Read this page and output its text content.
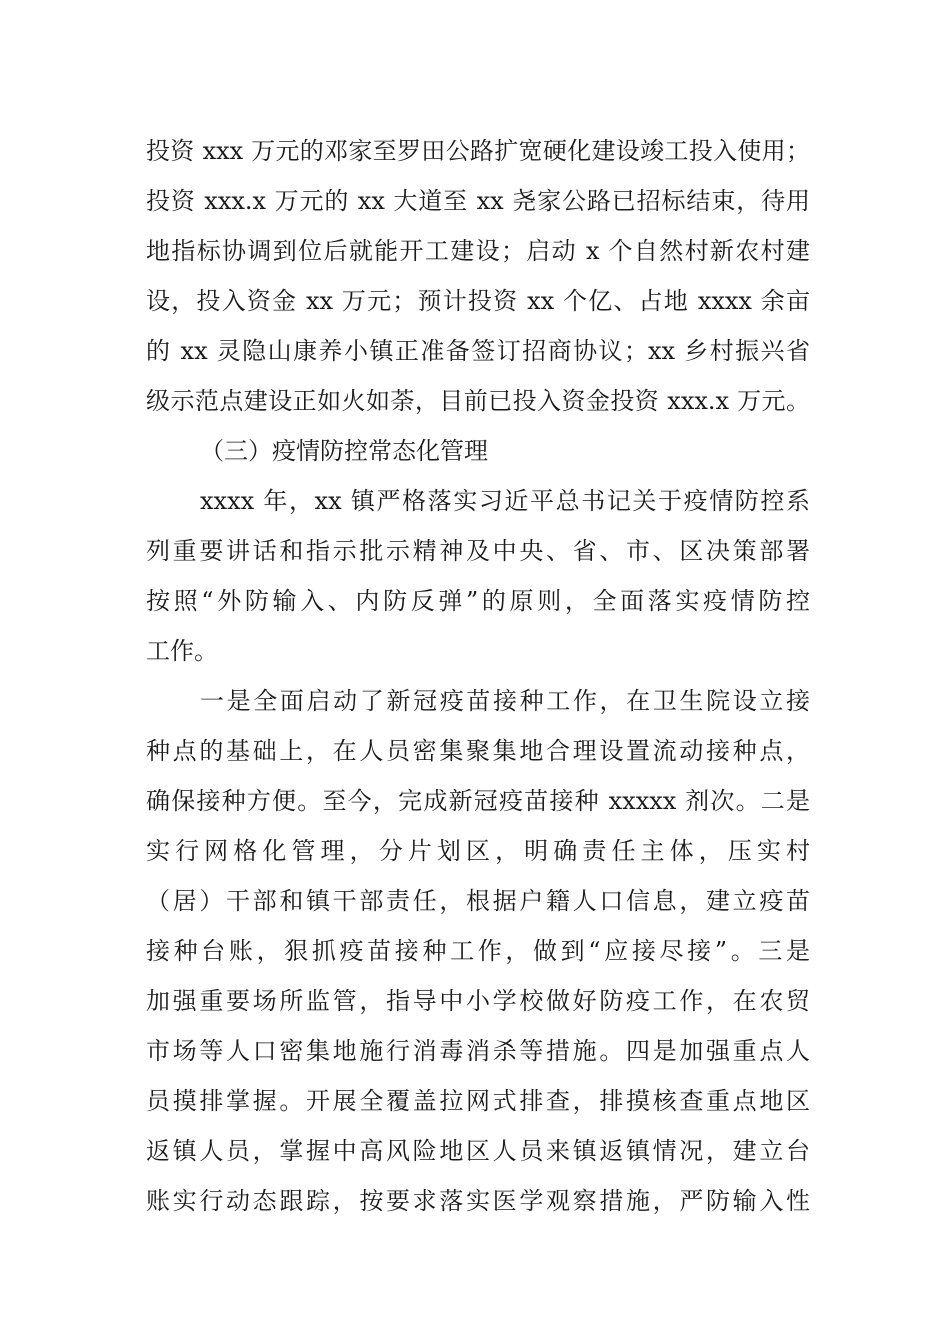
投资 xxx 万元的邓家至罗田公路扩宽硬化建设竣工投入使用；
投资 xxx.x 万元的 xx 大道至 xx 尧家公路已招标结束，待用
地指标协调到位后就能开工建设；启动 x 个自然村新农村建
设，投入资金 xx 万元；预计投资 xx 个亿、占地 xxxx 余亩
的 xx 灵隐山康养小镇正准备签订招商协议；xx 乡村振兴省
级示范点建设正如火如荼，目前已投入资金投资 xxx.x 万元。
（三）疫情防控常态化管理
xxxx 年，xx 镇严格落实习近平总书记关于疫情防控系
列重要讲话和指示批示精神及中央、省、市、区决策部署
按照“外防输入、内防反弹”的原则，全面落实疫情防控
工作。
一是全面启动了新冠疫苗接种工作，在卫生院设立接
种点的基础上，在人员密集聚集地合理设置流动接种点，
确保接种方便。至今，完成新冠疫苗接种 xxxxx 剂次。二是
实行网格化管理，分片划区，明确责任主体，压实村
（居）干部和镇干部责任，根据户籍人口信息，建立疫苗
接种台账，狠抓疫苗接种工作，做到“应接尽接”。三是
加强重要场所监管，指导中小学校做好防疫工作，在农贸
市场等人口密集地施行消毒消杀等措施。四是加强重点人
员摸排掌握。开展全覆盖拉网式排查，排摸核查重点地区
返镇人员，掌握中高风险地区人员来镇返镇情况，建立台
账实行动态跟踪，按要求落实医学观察措施，严防输入性
